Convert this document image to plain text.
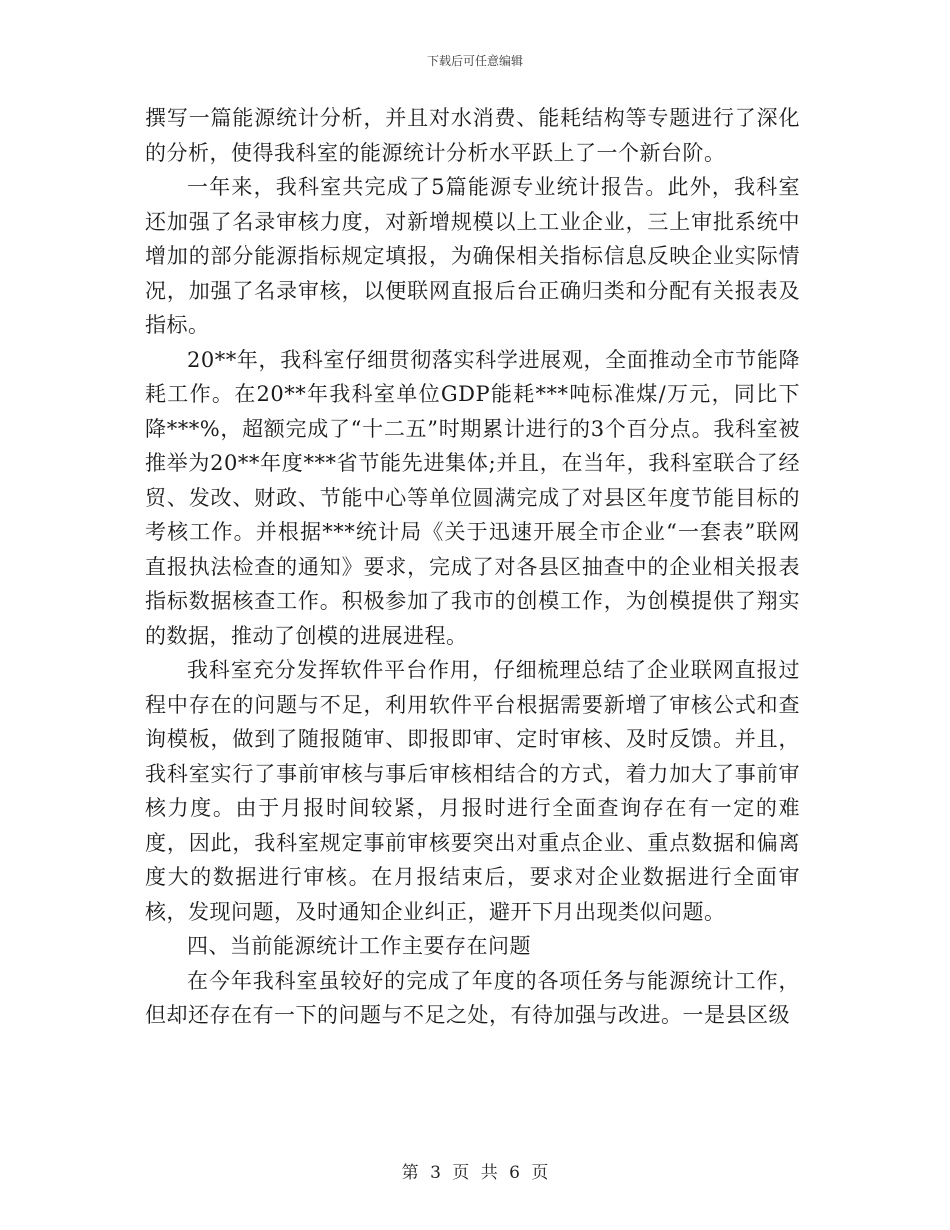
下载后可任意编辑

撰写一篇能源统计分析，并且对水消费、能耗结构等专题进行了深化的分析，使得我科室的能源统计分析水平跃上了一个新台阶。

一年来，我科室共完成了5篇能源专业统计报告。此外，我科室还加强了名录审核力度，对新增规模以上工业企业，三上审批系统中增加的部分能源指标规定填报，为确保相关指标信息反映企业实际情况，加强了名录审核，以便联网直报后台正确归类和分配有关报表及指标。

20**年，我科室仔细贯彻落实科学进展观，全面推动全市节能降耗工作。在20**年我科室单位GDP能耗***吨标准煤/万元，同比下降***%，超额完成了“十二五”时期累计进行的3个百分点。我科室被推举为20**年度***省节能先进集体;并且，在当年，我科室联合了经贸、发改、财政、节能中心等单位圆满完成了对县区年度节能目标的考核工作。并根据***统计局《关于迅速开展全市企业“一套表”联网直报执法检查的通知》要求，完成了对各县区抽查中的企业相关报表指标数据核查工作。积极参加了我市的创模工作，为创模提供了翔实的数据，推动了创模的进展进程。

我科室充分发挥软件平台作用，仔细梳理总结了企业联网直报过程中存在的问题与不足，利用软件平台根据需要新增了审核公式和查询模板，做到了随报随审、即报即审、定时审核、及时反馈。并且，我科室实行了事前审核与事后审核相结合的方式，着力加大了事前审核力度。由于月报时间较紧，月报时进行全面查询存在有一定的难度，因此，我科室规定事前审核要突出对重点企业、重点数据和偏离度大的数据进行审核。在月报结束后，要求对企业数据进行全面审核，发现问题，及时通知企业纠正，避开下月出现类似问题。

四、当前能源统计工作主要存在问题

在今年我科室虽较好的完成了年度的各项任务与能源统计工作，但却还存在有一下的问题与不足之处，有待加强与改进。一是县区级

第 3 页 共 6 页
